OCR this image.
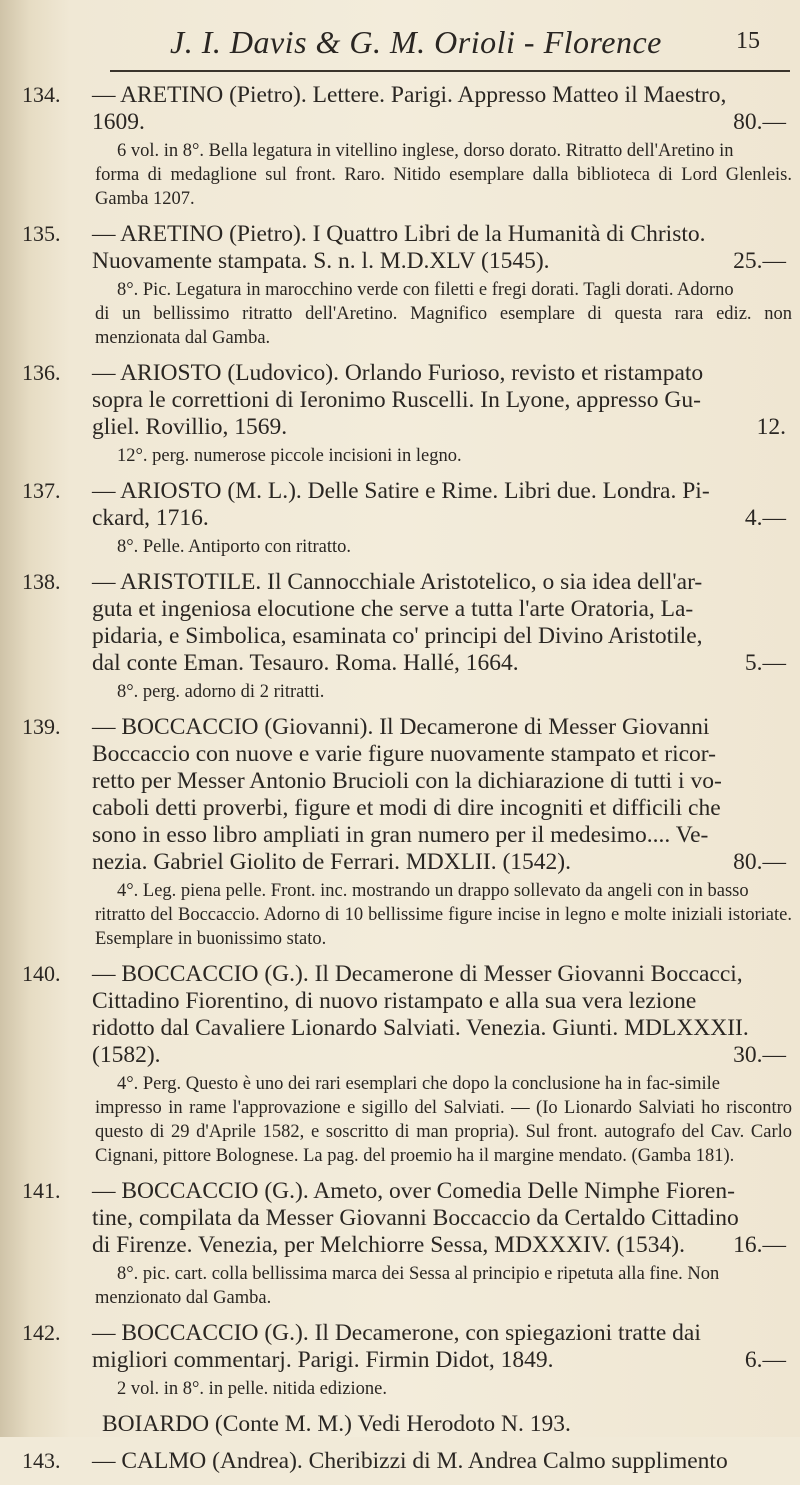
J. I. Davis & G. M. Orioli - Florence	15
134.	— ARETINO (Pietro). Lettere. Parigi. Appresso Matteo il Maestro,
1609.	80.—
6 vol. in 8°. Bella legatura in vitellino inglese, dorso dorato. Ritratto dell'Aretino in
forma di medaglione sul front. Raro. Nitido esemplare dalla biblioteca di Lord Glenleis. Gamba 1207.
135.	— ARETINO (Pietro). I Quattro Libri de la Humanità di Christo.
Nuovamente stampata. S. n. l. M.D.XLV (1545).	25.—
8°. Pic. Legatura in marocchino verde con filetti e fregi dorati. Tagli dorati. Adorno
di un bellissimo ritratto dell'Aretino. Magnifico esemplare di questa rara ediz. non menzionata dal Gamba.
136.	— ARIOSTO (Ludovico). Orlando Furioso, revisto et ristampato
sopra le correttioni di Ieronimo Ruscelli. In Lyone, appresso Gu-
gliel. Rovillio, 1569.	12.
12°. perg. numerose piccole incisioni in legno.
137.	— ARIOSTO (M. L.). Delle Satire e Rime. Libri due. Londra. Pi-
ckard, 1716.	4.—
8°. Pelle. Antiporto con ritratto.
138.	— ARISTOTILE. Il Cannocchiale Aristotelico, o sia idea dell'ar-
guta et ingeniosa elocutione che serve a tutta l'arte Oratoria, La-
pidaria, e Simbolica, esaminata co' principi del Divino Aristotile,
dal conte Eman. Tesauro. Roma. Hallé, 1664.	5.—
8°. perg. adorno di 2 ritratti.
139.	— BOCCACCIO (Giovanni). Il Decamerone di Messer Giovanni
Boccaccio con nuove e varie figure nuovamente stampato et ricor-
retto per Messer Antonio Brucioli con la dichiarazione di tutti i vo-
caboli detti proverbi, figure et modi di dire incogniti et difficili che
sono in esso libro ampliati in gran numero per il medesimo.... Ve-
nezia. Gabriel Giolito de Ferrari. MDXLII. (1542).	80.—
4°. Leg. piena pelle. Front. inc. mostrando un drappo sollevato da angeli con in basso
ritratto del Boccaccio. Adorno di 10 bellissime figure incise in legno e molte iniziali istoriate. Esemplare in buonissimo stato.
140.	— BOCCACCIO (G.). Il Decamerone di Messer Giovanni Boccacci,
Cittadino Fiorentino, di nuovo ristampato e alla sua vera lezione
ridotto dal Cavaliere Lionardo Salviati. Venezia. Giunti. MDLXXXII.
(1582).	30.—
4°. Perg. Questo è uno dei rari esemplari che dopo la conclusione ha in fac-simile
impresso in rame l'approvazione e sigillo del Salviati. — (Io Lionardo Salviati ho riscontro questo di 29 d'Aprile 1582, e soscritto di man propria). Sul front. autografo del Cav. Carlo Cignani, pittore Bolognese. La pag. del proemio ha il margine mendato. (Gamba 181).
141.	— BOCCACCIO (G.). Ameto, over Comedia Delle Nimphe Fioren-
tine, compilata da Messer Giovanni Boccaccio da Certaldo Cittadino
di Firenze. Venezia, per Melchiorre Sessa, MDXXXIV. (1534). 16.—
8°. pic. cart. colla bellissima marca dei Sessa al principio e ripetuta alla fine. Non
menzionato dal Gamba.
142.	— BOCCACCIO (G.). Il Decamerone, con spiegazioni tratte dai
migliori commentarj. Parigi. Firmin Didot, 1849.	6.—
2 vol. in 8°. in pelle. nitida edizione.
BOIARDO (Conte M. M.) Vedi Herodoto N. 193.
143.	— CALMO (Andrea). Cheribizzi di M. Andrea Calmo supplimento
